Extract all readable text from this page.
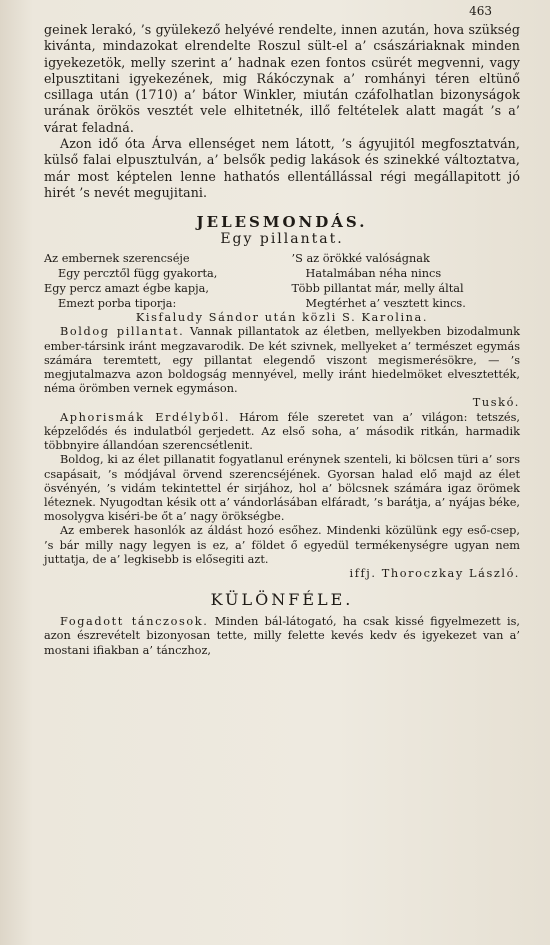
463

geinek lerakó, ’s gyülekező helyévé rendelte, innen azután, hova szükség kivánta, mindazokat elrendelte Roszul sült-el a’ császáriaknak minden igyekezetök, melly szerint a’ hadnak ezen fontos csürét megvenni, vagy elpusztitani igyekezének, mig Rákóczynak a’ romhányi téren eltünő csillaga után (1710) a’ bátor Winkler, miután czáfolhatlan bizonyságok urának örökös vesztét vele elhitetnék, illő feltételek alatt magát ’s a’ várat feladná.

Azon idő óta Árva ellenséget nem látott, ’s ágyujitól megfosztatván, külső falai elpusztulván, a’ belsők pedig lakások és szinekké változtatva, már most képtelen lenne hathatós ellentállással régi megállapitott jó hirét ’s nevét megujitani.

JELESMONDÁS.
Egy pillantat.
Az embernek szerencséje
Egy percztől függ gyakorta,
Egy percz amazt égbe kapja,
Emezt porba tiporja:
’S az örökké valóságnak
Hatalmában néha nincs
Több pillantat már, melly által
Megtérhet a’ vesztett kincs.
Kisfaludy Sándor után közli S. Karolina.

Boldog pillantat. Vannak pillantatok az életben, mellyekben bizodalmunk ember-társink iránt megzavarodik. De két szivnek, mellyeket a’ természet egymás számára teremtett, egy pillantat elegendő viszont megismerésökre, — ’s megjutalmazva azon boldogság mennyével, melly iránt hiedelmöket elvesztették, néma örömben vernek egymáson.

Tuskó.

Aphorismák Erdélyből. Három féle szeretet van a’ világon: tetszés, képzelődés és indulatból gerjedett. Az első soha, a’ második ritkán, harmadik többnyire állandóan szerencsétlenit.

Boldog, ki az élet pillanatit fogyatlanul erénynek szenteli, ki bölcsen türi a’ sors csapásait, ’s módjával örvend szerencséjének. Gyorsan halad elő majd az élet ösvényén, ’s vidám tekintettel ér sirjához, hol a’ bölcsnek számára igaz örömek léteznek. Nyugodtan késik ott a’ vándorlásában elfáradt, ’s barátja, a’ nyájas béke, mosolygva kiséri-be őt a’ nagy örökségbe.

Az emberek hasonlók az áldást hozó esőhez. Mindenki közülünk egy eső-csep, ’s bár milly nagy legyen is ez, a’ földet ő egyedül termékenységre ugyan nem juttatja, de a’ legkisebb is elősegiti azt.

iffj. Thoroczkay László.
KÜLÖNFÉLE.

Fogadott tánczosok. Minden bál-látogató, ha csak kissé figyelmezett is, azon észrevételt bizonyosan tette, milly felette kevés kedv és igyekezet van a’ mostani ifiakban a’ tánczhoz,
